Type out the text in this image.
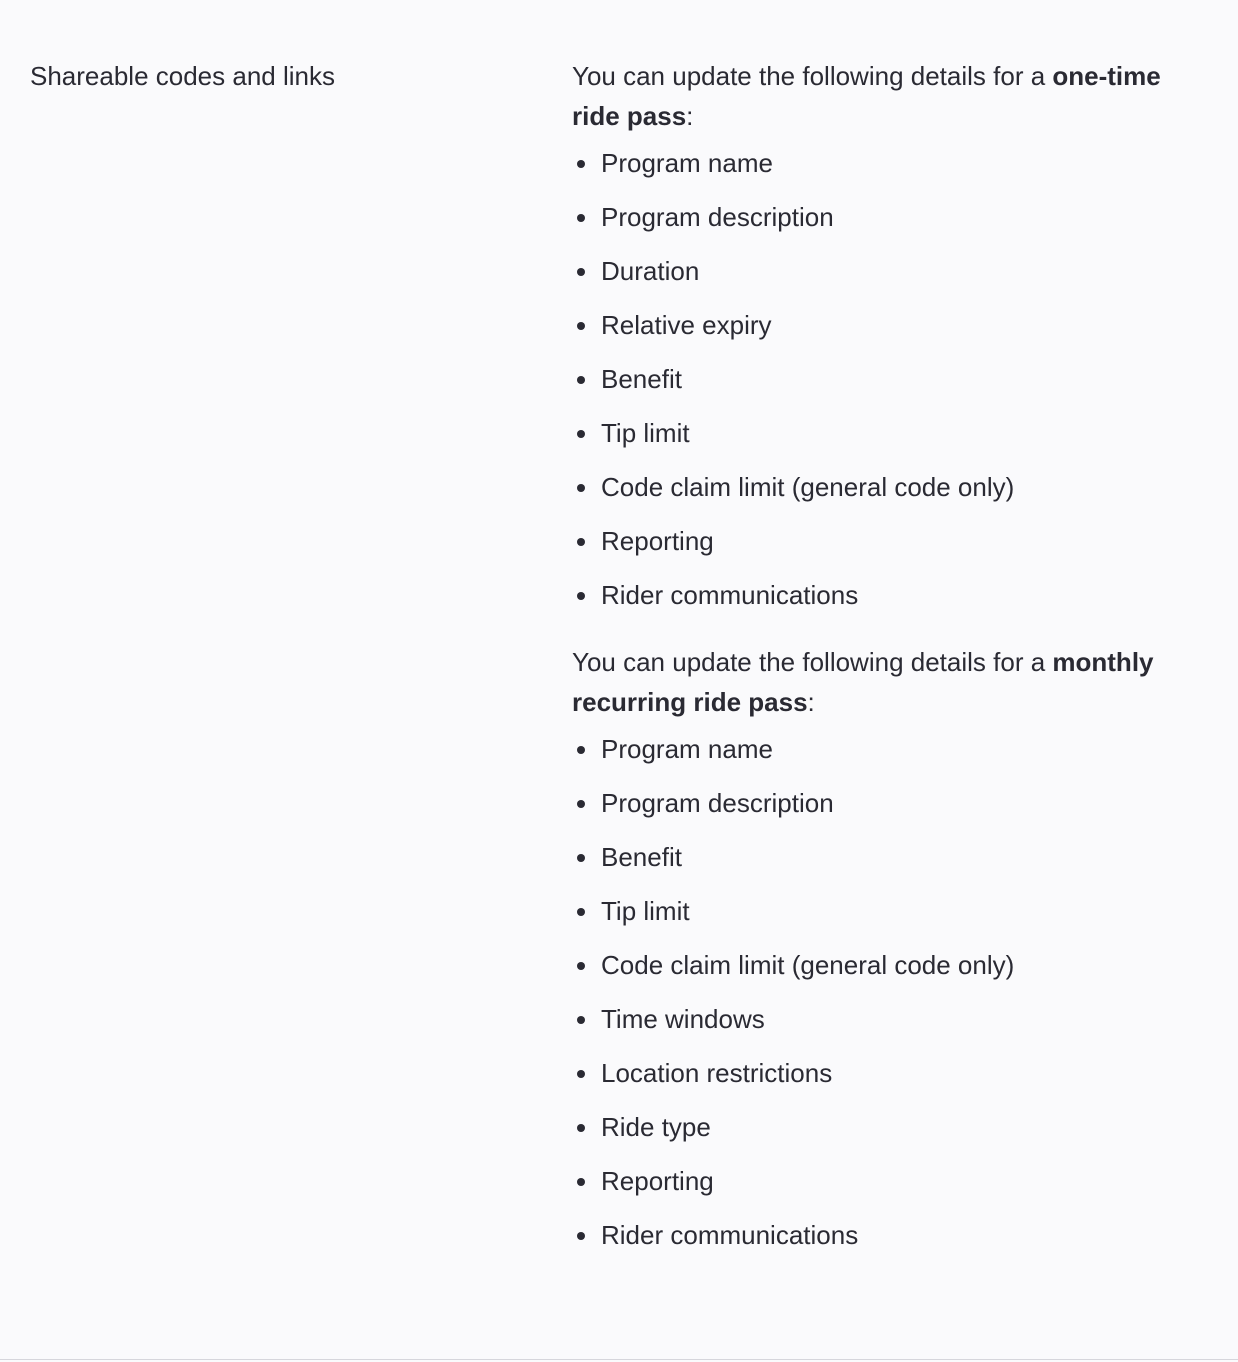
Shareable codes and links	You can update the following details for a one-time ride pass:

Program name
Program description
Duration
Relative expiry
Benefit
Tip limit
Code claim limit (general code only)
Reporting
Rider communications

You can update the following details for a monthly recurring ride pass:

Program name
Program description
Benefit
Tip limit
Code claim limit (general code only)
Time windows
Location restrictions
Ride type
Reporting
Rider communications
